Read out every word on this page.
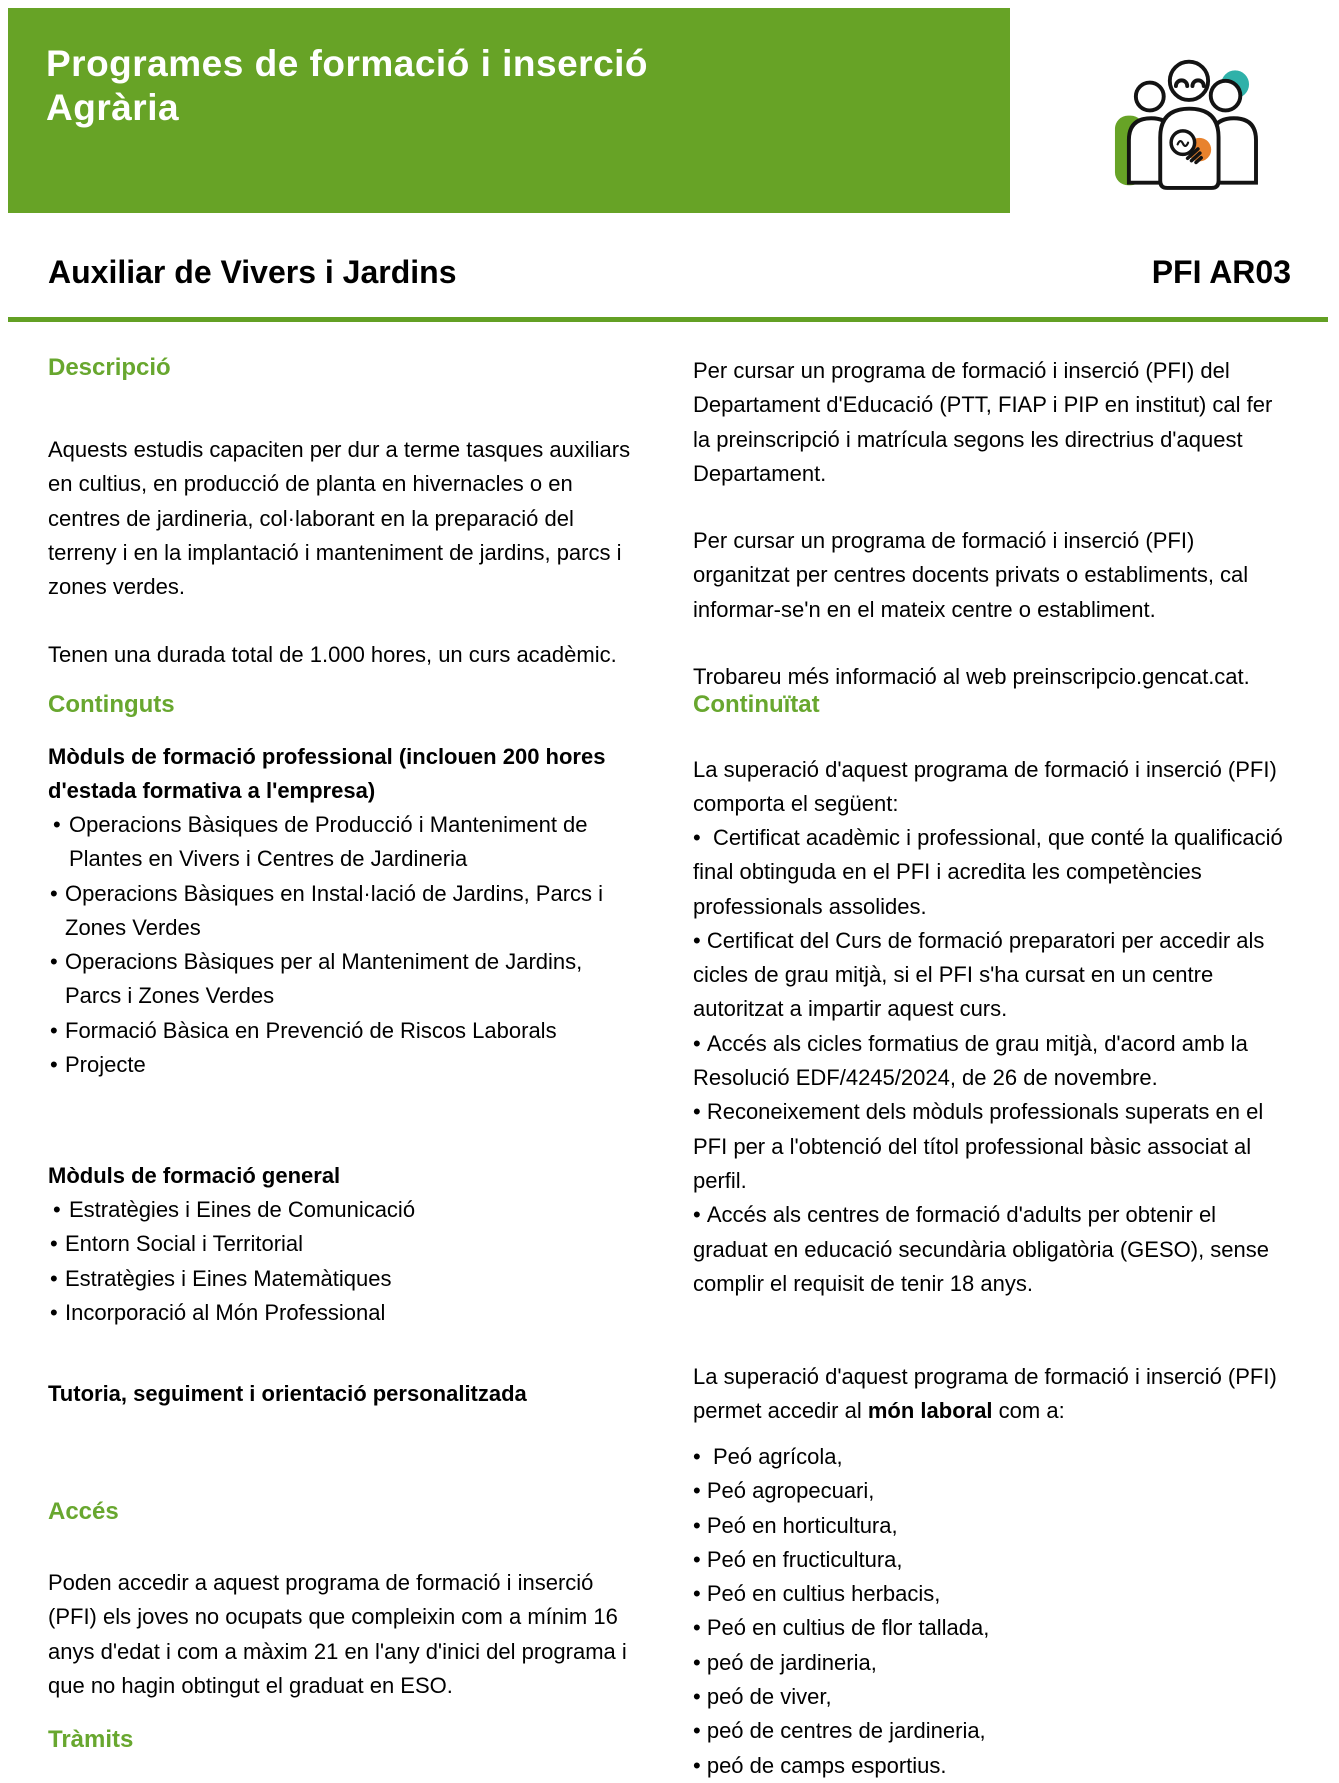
Programes de formació i inserció
Agrària
Auxiliar de Vivers i Jardins	PFI AR03
Descripció

Aquests estudis capaciten per dur a terme tasques auxiliars en cultius, en producció de planta en hivernacles o en centres de jardineria, col·laborant en la preparació del terreny i en la implantació i manteniment de jardins, parcs i zones verdes.

Tenen una durada total de 1.000 hores, un curs acadèmic.

Continguts

Mòduls de formació professional (inclouen 200 hores d'estada formativa a l'empresa)

• Operacions Bàsiques de Producció i Manteniment de Plantes en Vivers i Centres de Jardineria
• Operacions Bàsiques en Instal·lació de Jardins, Parcs i Zones Verdes
• Operacions Bàsiques per al Manteniment de Jardins, Parcs i Zones Verdes
• Formació Bàsica en Prevenció de Riscos Laborals
• Projecte

Mòduls de formació general

• Estratègies i Eines de Comunicació
• Entorn Social i Territorial
• Estratègies i Eines Matemàtiques
• Incorporació al Món Professional

Tutoria, seguiment i orientació personalitzada

Accés

Poden accedir a aquest programa de formació i inserció (PFI) els joves no ocupats que compleixin com a mínim 16 anys d'edat i com a màxim 21 en l'any d'inici del programa i que no hagin obtingut el graduat en ESO.

Tràmits

Per cursar un programa de formació i inserció (PFI) del Departament d'Educació (PTT, FIAP i PIP en institut) cal fer la preinscripció i matrícula segons les directrius d'aquest Departament.

Per cursar un programa de formació i inserció (PFI) organitzat per centres docents privats o establiments, cal informar-se'n en el mateix centre o establiment.

Trobareu més informació al web preinscripcio.gencat.cat.

Continuïtat

La superació d'aquest programa de formació i inserció (PFI) comporta el següent:

•  Certificat acadèmic i professional, que conté la qualificació final obtinguda en el PFI i acredita les competències professionals assolides.
• Certificat del Curs de formació preparatori per accedir als cicles de grau mitjà, si el PFI s'ha cursat en un centre autoritzat a impartir aquest curs.
• Accés als cicles formatius de grau mitjà, d'acord amb la Resolució EDF/4245/2024, de 26 de novembre.
• Reconeixement dels mòduls professionals superats en el PFI per a l'obtenció del títol professional bàsic associat al perfil.
• Accés als centres de formació d'adults per obtenir el graduat en educació secundària obligatòria (GESO), sense complir el requisit de tenir 18 anys.

La superació d'aquest programa de formació i inserció (PFI) permet accedir al món laboral com a:

•  Peó agrícola,
• Peó agropecuari,
• Peó en horticultura,
• Peó en fructicultura,
• Peó en cultius herbacis,
• Peó en cultius de flor tallada,
• peó de jardineria,
• peó de viver,
• peó de centres de jardineria,
• peó de camps esportius.
